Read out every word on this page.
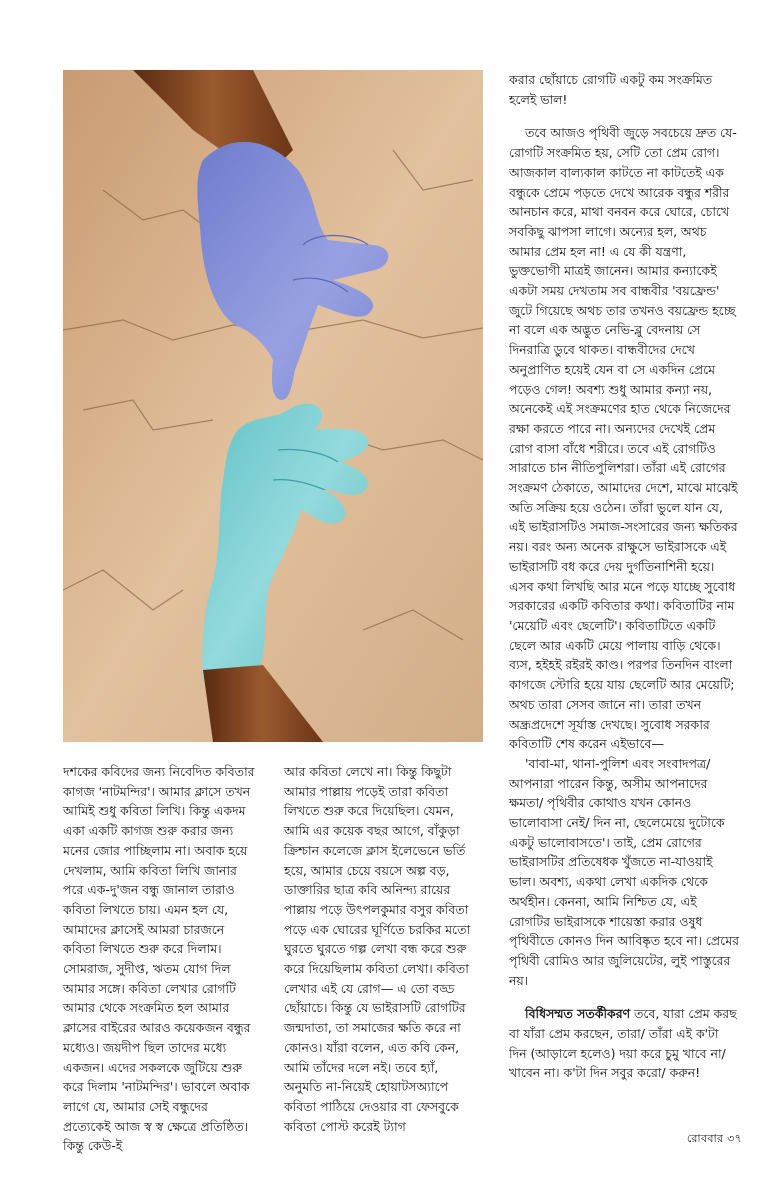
করার ছোঁয়াচে রোগটি একটু কম সংক্রমিত হলেই ভাল!

তবে আজও পৃথিবী জুড়ে সবচেয়ে দ্রুত যে-রোগটি সংক্রমিত হয়, সেটি তো প্রেম রোগ। আজকাল বাল্যকাল কাটতে না কাটতেই এক বন্ধুকে প্রেমে পড়তে দেখে আরেক বন্ধুর শরীর আনচান করে, মাথা বনবন করে ঘোরে, চোখে সবকিছু ঝাপসা লাগে। অন্যের হল, অথচ আমার প্রেম হল না! এ যে কী যন্ত্রণা, ভুক্তভোগী মাত্রই জানেন। আমার কন্যাকেই একটা সময় দেখতাম সব বান্ধবীর 'বয়ফ্রেন্ড' জুটে গিয়েছে অথচ তার তখনও বয়ফ্রেন্ড হচ্ছে না বলে এক অদ্ভুত নেভি-ব্লু বেদনায় সে দিনরাত্রি ডুবে থাকত। বান্ধবীদের দেখে অনুপ্রাণিত হয়েই যেন বা সে একদিন প্রেমে পড়েও গেল! অবশ্য শুধু আমার কন্যা নয়, অনেকেই এই সংক্রমণের হাত থেকে নিজেদের রক্ষা করতে পারে না। অন্যদের দেখেই প্রেম রোগ বাসা বাঁধে শরীরে। তবে এই রোগটিও সারাতে চান নীতিপুলিশরা। তাঁরা এই রোগের সংক্রমণ ঠেকাতে, আমাদের দেশে, মাঝে মাঝেই অতি সক্রিয় হয়ে ওঠেন। তাঁরা ভুলে যান যে, এই ভাইরাসটিও সমাজ-সংসারের জন্য ক্ষতিকর নয়। বরং অন্য অনেক রাক্ষুসে ভাইরাসকে এই ভাইরাসটি বধ করে দেয় দুর্গতিনাশিনী হয়ে। এসব কথা লিখছি আর মনে পড়ে যাচ্ছে সুবোধ সরকারের একটি কবিতার কথা। কবিতাটির নাম 'মেয়েটি এবং ছেলেটি'। কবিতাটিতে একটি ছেলে আর একটি মেয়ে পালায় বাড়ি থেকে। ব্যস, হইহই রইরই কাণ্ড। পরপর তিনদিন বাংলা কাগজে স্টোরি হয়ে যায় ছেলেটি আর মেয়েটি; অথচ তারা সেসব জানে না। তারা তখন অন্ধ্রপ্রদেশে সূর্যাস্ত দেখছে। সুবোধ সরকার কবিতাটি শেষ করেন এইভাবে—

'বাবা-মা, থানা-পুলিশ এবং সংবাদপত্র/ আপনারা পারেন কিন্তু, অসীম আপনাদের ক্ষমতা/ পৃথিবীর কোথাও যখন কোনও ভালোবাসা নেই/ দিন না, ছেলেমেয়ে দুটোকে একটু ভালোবাসতে'। তাই, প্রেম রোগের ভাইরাসটির প্রতিষেধক খুঁজতে না-যাওয়াই ভাল। অবশ্য, একথা লেখা একদিক থেকে অর্থহীন। কেননা, আমি নিশ্চিত যে, এই রোগটির ভাইরাসকে শায়েস্তা করার ওষুধ পৃথিবীতে কোনও দিন আবিষ্কৃত হবে না। প্রেমের পৃথিবী রোমিও আর জুলিয়েটের, লুই পাস্তুরের নয়।

বিধিসম্মত সতর্কীকরণ তবে, যারা প্রেম করছ বা যাঁরা প্রেম করছেন, তারা/ তাঁরা এই ক'টা দিন (আড়ালে হলেও) দয়া করে চুমু খাবে না/ খাবেন না। ক'টা দিন সবুর করো/ করুন!

দশকের কবিদের জন্য নিবেদিত কবিতার কাগজ 'নাটমন্দির'। আমার ক্লাসে তখন আমিই শুধু কবিতা লিখি। কিন্তু একদম একা একটি কাগজ শুরু করার জন্য মনের জোর পাচ্ছিলাম না। অবাক হয়ে দেখলাম, আমি কবিতা লিখি জানার পরে এক-দু'জন বন্ধু জানাল তারাও কবিতা লিখতে চায়। এমন হল যে, আমাদের ক্লাসেই আমরা চারজনে কবিতা লিখতে শুরু করে দিলাম। সোমরাজ, সুদীপ্ত, ঋতম যোগ দিল আমার সঙ্গে। কবিতা লেখার রোগটি আমার থেকে সংক্রমিত হল আমার ক্লাসের বাইরের আরও কয়েকজন বন্ধুর মধ্যেও। জয়দীপ ছিল তাদের মধ্যে একজন। এদের সকলকে জুটিয়ে শুরু করে দিলাম 'নাটমন্দির'। ভাবলে অবাক লাগে যে, আমার সেই বন্ধুদের প্রত্যেকেই আজ স্ব স্ব ক্ষেত্রে প্রতিষ্ঠিত। কিন্তু কেউ-ই

আর কবিতা লেখে না। কিন্তু কিছুটা আমার পাল্লায় পড়েই তারা কবিতা লিখতে শুরু করে দিয়েছিল। যেমন, আমি এর কয়েক বছর আগে, বাঁকুড়া ক্রিশ্চান কলেজে ক্লাস ইলেভেনে ভর্তি হয়ে, আমার চেয়ে বয়সে অল্প বড়, ডাক্তারির ছাত্র কবি অনিন্দ্য রায়ের পাল্লায় পড়ে উৎপলকুমার বসুর কবিতা পড়ে এক ঘোরের ঘূর্ণিতে চরকির মতো ঘুরতে ঘুরতে গল্প লেখা বন্ধ করে শুরু করে দিয়েছিলাম কবিতা লেখা। কবিতা লেখার এই যে রোগ— এ তো বড্ড ছোঁয়াচে। কিন্তু যে ভাইরাসটি রোগটির জন্মদাতা, তা সমাজের ক্ষতি করে না কোনও। যাঁরা বলেন, এত কবি কেন, আমি তাঁদের দলে নই। তবে হ্যাঁ, অনুমতি না-নিয়েই হোয়াটসঅ্যাপে কবিতা পাঠিয়ে দেওয়ার বা ফেসবুকে কবিতা পোস্ট করেই ট্যাগ

রোববার ৩৭
